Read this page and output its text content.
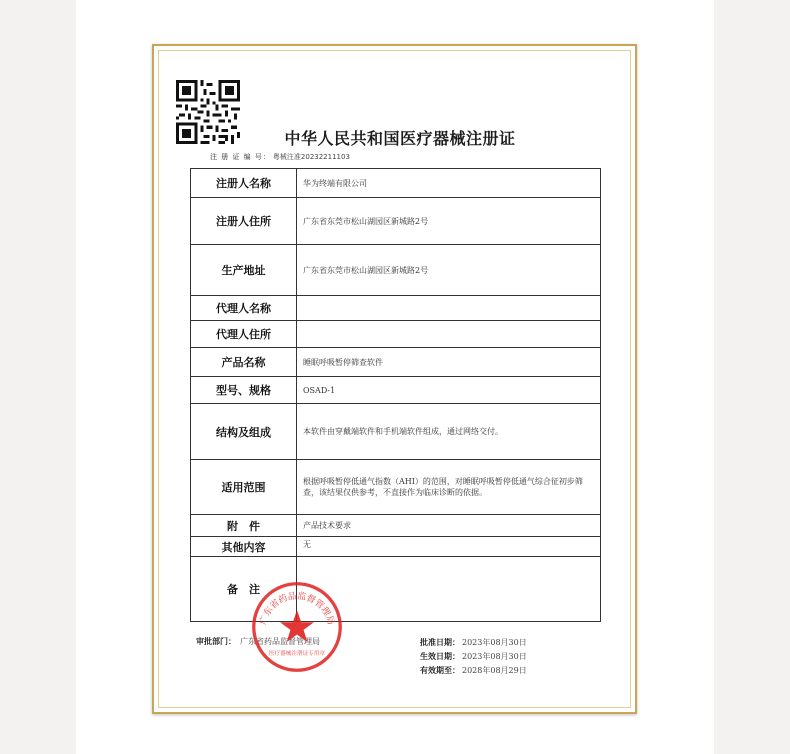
中华人民共和国医疗器械注册证
注 册 证 编 号： 粤械注准20232211103
注册人名称	华为终端有限公司
注册人住所	广东省东莞市松山湖园区新城路2号
生产地址	广东省东莞市松山湖园区新城路2号
代理人名称	
代理人住所	
产品名称	睡眠呼吸暂停筛查软件
型号、规格	OSAD-1
结构及组成	本软件由穿戴端软件和手机端软件组成，通过网络交付。
适用范围	根据呼吸暂停低通气指数（AHI）的范围，对睡眠呼吸暂停低通气综合征初步筛查，该结果仅供参考，不直接作为临床诊断的依据。
附　件	产品技术要求
其他内容	无
备　注	
审批部门： 广东省药品监督管理局	批准日期： 2023年08月30日
生效日期： 2023年08月30日
有效期至： 2028年08月29日
广东省药品监督管理局
医疗器械注册证专用章
